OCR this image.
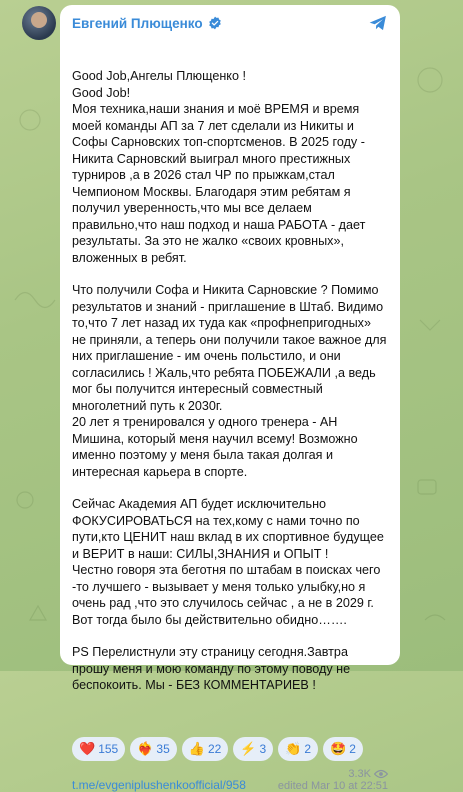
Евгений Плющенко

Good Job,Ангелы Плющенко !
Good Job!
Моя техника,наши знания и моё ВРЕМЯ и время моей команды АП за 7 лет сделали из Никиты и Софы Сарновских топ-спортсменов. В 2025 году - Никита Сарновский выиграл много престижных турниров ,а в 2026 стал ЧР по прыжкам,стал Чемпионом Москвы. Благодаря этим ребятам я получил уверенность,что мы все делаем правильно,что наш подход и наша РАБОТА - дает результаты. За это не жалко «своих кровных», вложенных в ребят.
Что получили Софа и Никита Сарновские ? Помимо результатов и знаний - приглашение в Штаб. Видимо то,что 7 лет назад их туда как «профнепригодных» не приняли, а теперь они получили такое важное для них приглашение - им очень польстило, и они согласились ! Жаль,что ребята ПОБЕЖАЛИ ,а ведь мог бы получится интересный совместный многолетний путь к 2030г.
20 лет я тренировался у одного тренера - АН Мишина, который меня научил всему! Возможно именно поэтому у меня была такая долгая и интересная карьера в спорте.
Сейчас Академия АП будет исключительно ФОКУСИРОВАТЬСЯ на тех,кому с нами точно по пути,кто ЦЕНИТ наш вклад в их спортивное будущее и ВЕРИТ в наши: СИЛЫ,ЗНАНИЯ и ОПЫТ !
Честно говоря эта беготня по штабам в поисках чего -то лучшего - вызывает у меня только улыбку,но я очень рад ,что это случилось сейчас , а не в 2029 г. Вот тогда было бы действительно обидно…….
PS Перелистнули эту страницу сегодня.Завтра прошу меня и мою команду по этому поводу не беспокоить. Мы - БЕЗ КОММЕНТАРИЕВ !

❤️ 155 ❤️‍🔥 35 👍 22 ⚡ 3 👏 2 🤩 2
t.me/evgeniplushenkoofficial/958
3.3K
edited Mar 10 at 22:51
